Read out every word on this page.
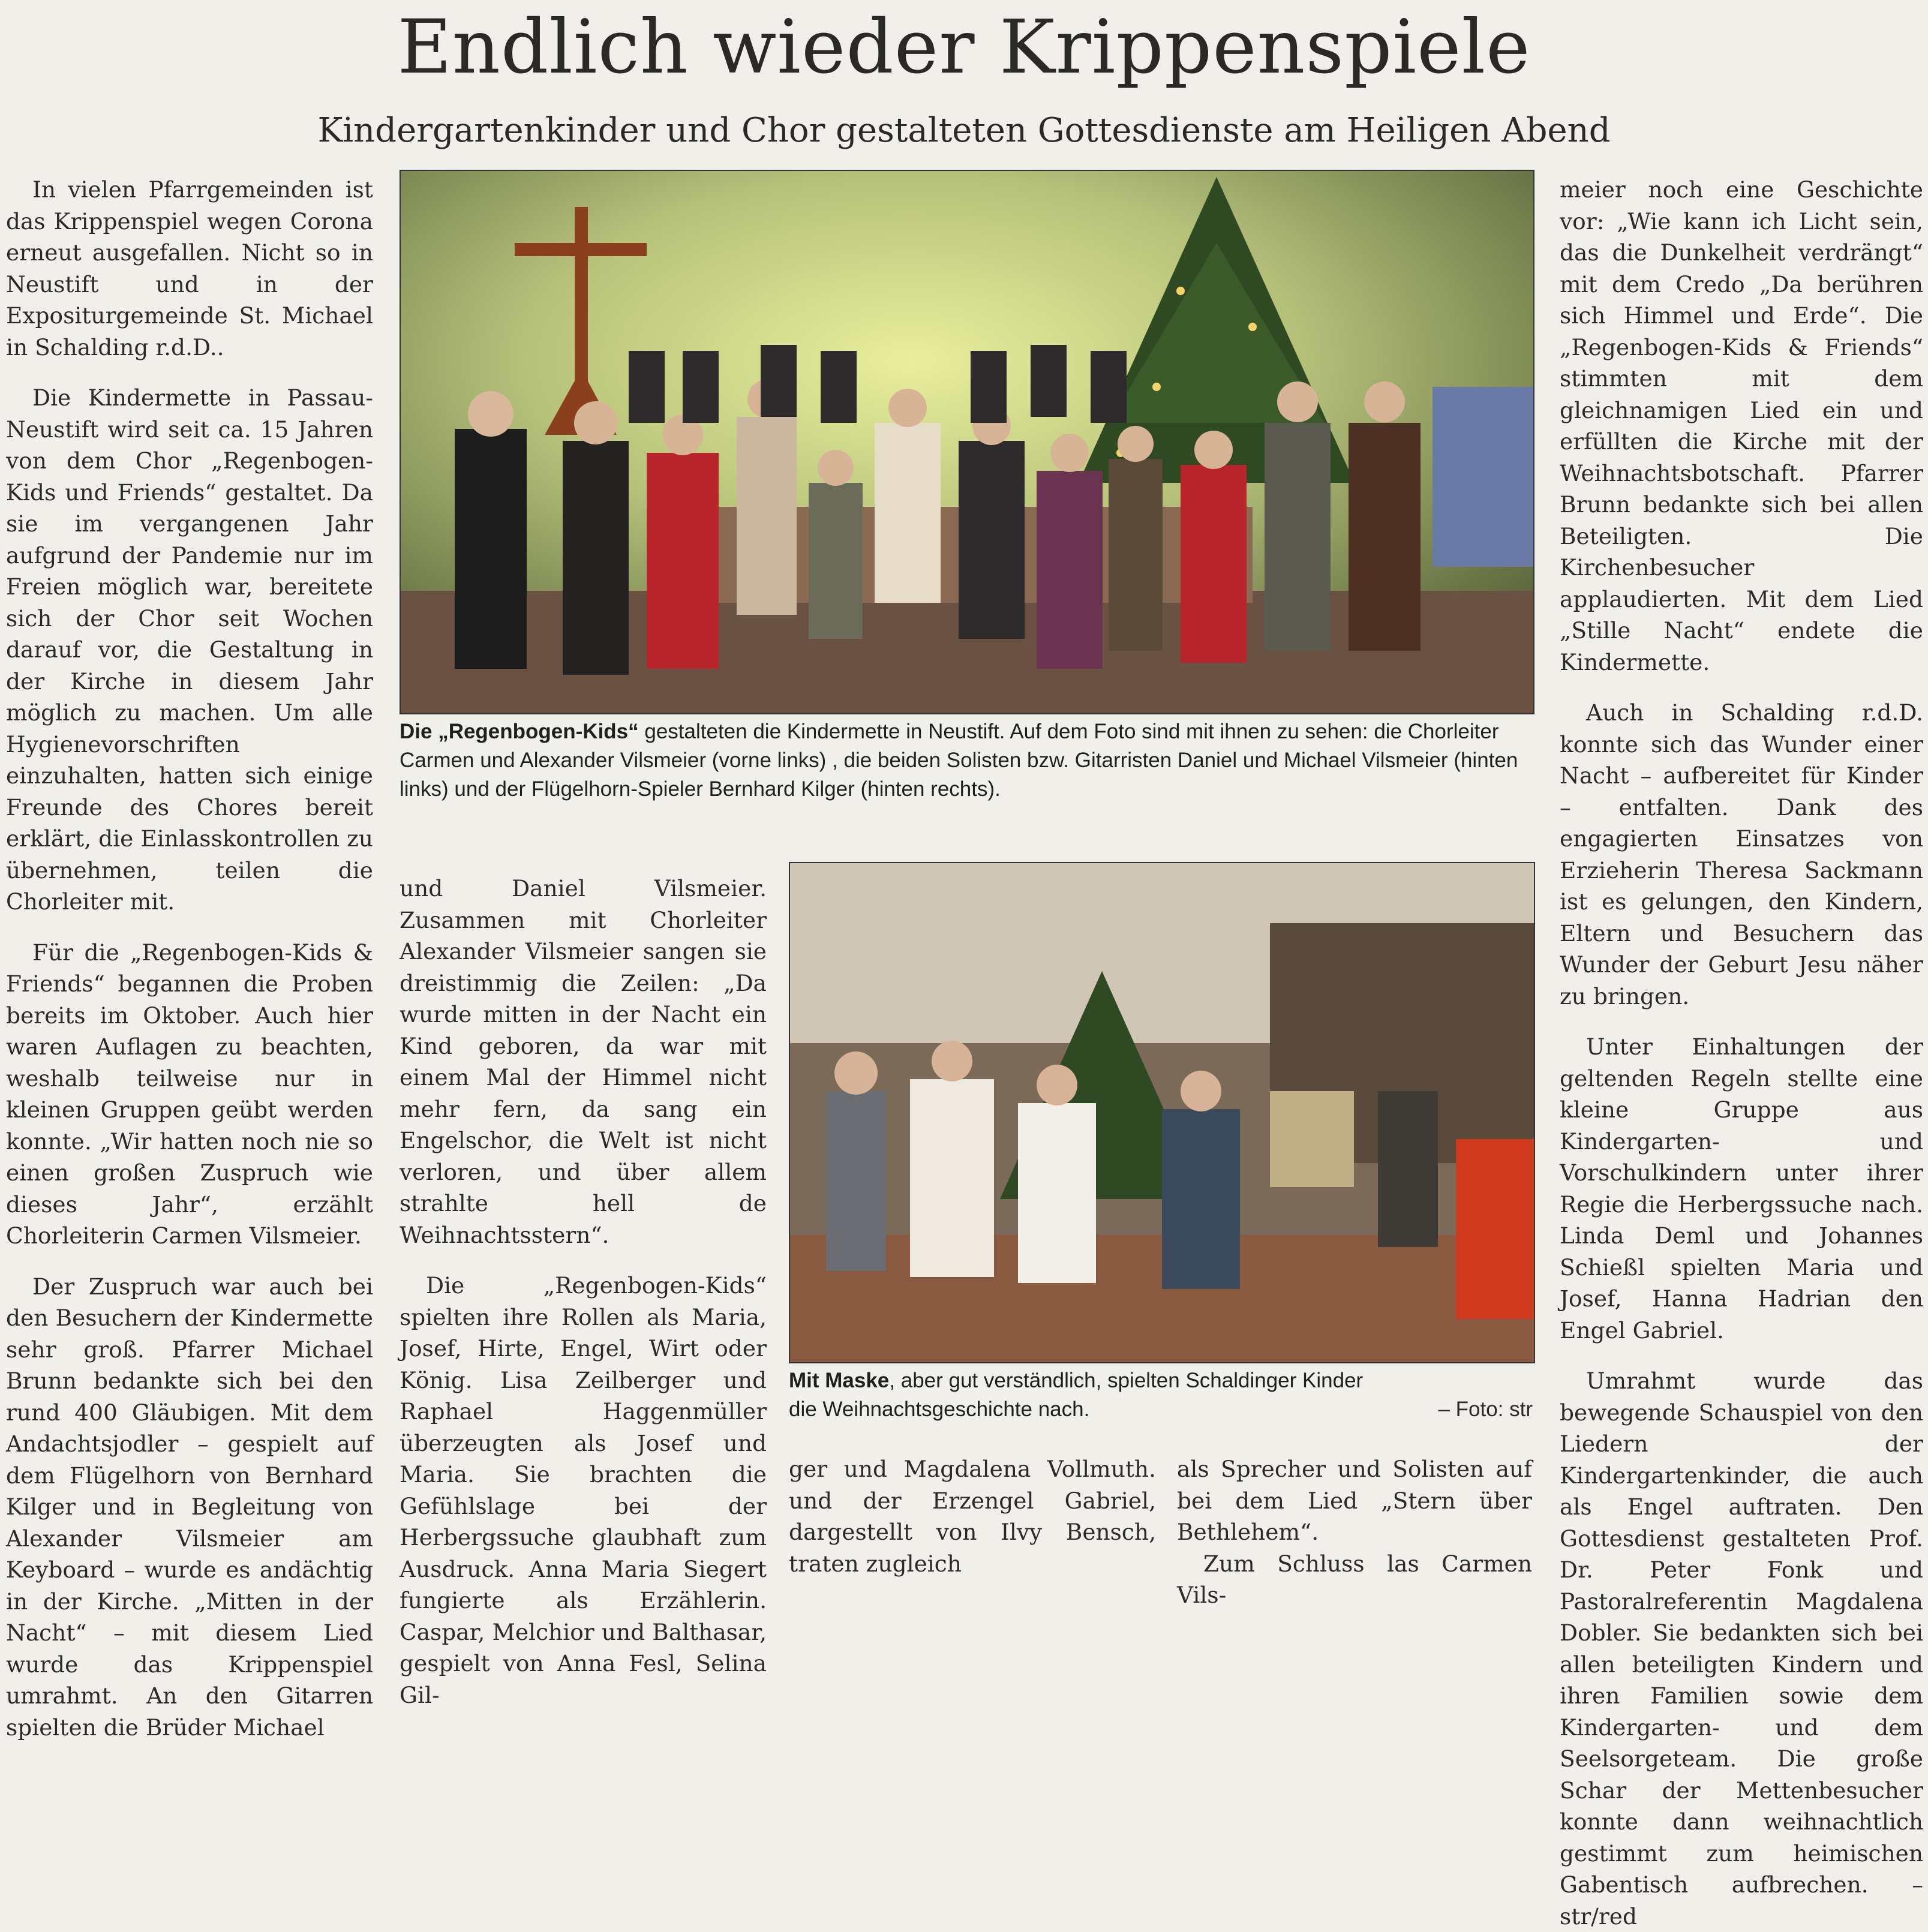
Endlich wieder Krippenspiele
Kindergartenkinder und Chor gestalteten Gottesdienste am Heiligen Abend

In vielen Pfarrgemeinden ist das Krippenspiel wegen Corona erneut ausgefallen. Nicht so in Neustift und in der Expositurgemeinde St. Michael in Schalding r.d.D..

Die Kindermette in Passau-Neustift wird seit ca. 15 Jahren von dem Chor „Regenbogen-Kids und Friends“ gestaltet. Da sie im vergangenen Jahr aufgrund der Pandemie nur im Freien möglich war, bereitete sich der Chor seit Wochen darauf vor, die Gestaltung in der Kirche in diesem Jahr möglich zu machen. Um alle Hygienevorschriften einzuhalten, hatten sich einige Freunde des Chores bereit erklärt, die Einlasskontrollen zu übernehmen, teilen die Chorleiter mit.

Für die „Regenbogen-Kids & Friends“ begannen die Proben bereits im Oktober. Auch hier waren Auflagen zu beachten, weshalb teilweise nur in kleinen Gruppen geübt werden konnte. „Wir hatten noch nie so einen großen Zuspruch wie dieses Jahr“, erzählt Chorleiterin Carmen Vilsmeier.

Der Zuspruch war auch bei den Besuchern der Kindermette sehr groß. Pfarrer Michael Brunn bedankte sich bei den rund 400 Gläubigen. Mit dem Andachtsjodler – gespielt auf dem Flügelhorn von Bernhard Kilger und in Begleitung von Alexander Vilsmeier am Keyboard – wurde es andächtig in der Kirche. „Mitten in der Nacht“ – mit diesem Lied wurde das Krippenspiel umrahmt. An den Gitarren spielten die Brüder Michael

Die „Regenbogen-Kids“ gestalteten die Kindermette in Neustift. Auf dem Foto sind mit ihnen zu sehen: die Chorleiter Carmen und Alexander Vilsmeier (vorne links) , die beiden Solisten bzw. Gitarristen Daniel und Michael Vilsmeier (hinten links) und der Flügelhorn-Spieler Bernhard Kilger (hinten rechts).

meier noch eine Geschichte vor: „Wie kann ich Licht sein, das die Dunkelheit verdrängt“ mit dem Credo „Da berühren sich Himmel und Erde“. Die „Regenbogen-Kids & Friends“ stimmten mit dem gleichnamigen Lied ein und erfüllten die Kirche mit der Weihnachtsbotschaft. Pfarrer Brunn bedankte sich bei allen Beteiligten. Die Kirchenbesucher applaudierten. Mit dem Lied „Stille Nacht“ endete die Kindermette.

Auch in Schalding r.d.D. konnte sich das Wunder einer Nacht – aufbereitet für Kinder – entfalten. Dank des engagierten Einsatzes von Erzieherin Theresa Sackmann ist es gelungen, den Kindern, Eltern und Besuchern das Wunder der Geburt Jesu näher zu bringen.

Unter Einhaltungen der geltenden Regeln stellte eine kleine Gruppe aus Kindergarten- und Vorschulkindern unter ihrer Regie die Herbergssuche nach. Linda Deml und Johannes Schießl spielten Maria und Josef, Hanna Hadrian den Engel Gabriel.

Umrahmt wurde das bewegende Schauspiel von den Liedern der Kindergartenkinder, die auch als Engel auftraten. Den Gottesdienst gestalteten Prof. Dr. Peter Fonk und Pastoralreferentin Magdalena Dobler. Sie bedankten sich bei allen beteiligten Kindern und ihren Familien sowie dem Kindergarten- und dem Seelsorgeteam. Die große Schar der Mettenbesucher konnte dann weihnachtlich gestimmt zum heimischen Gabentisch aufbrechen. – str/red

und Daniel Vilsmeier. Zusammen mit Chorleiter Alexander Vilsmeier sangen sie dreistimmig die Zeilen: „Da wurde mitten in der Nacht ein Kind geboren, da war mit einem Mal der Himmel nicht mehr fern, da sang ein Engelschor, die Welt ist nicht verloren, und über allem strahlte hell de Weihnachtsstern“.

Die „Regenbogen-Kids“ spielten ihre Rollen als Maria, Josef, Hirte, Engel, Wirt oder König. Lisa Zeilberger und Raphael Haggenmüller überzeugten als Josef und Maria. Sie brachten die Gefühlslage bei der Herbergssuche glaubhaft zum Ausdruck. Anna Maria Siegert fungierte als Erzählerin. Caspar, Melchior und Balthasar, gespielt von Anna Fesl, Selina Gil-

Mit Maske, aber gut verständlich, spielten Schaldinger Kinder die Weihnachtsgeschichte nach.	– Foto: str

ger und Magdalena Vollmuth. und der Erzengel Gabriel, dargestellt von Ilvy Bensch, traten zugleich

als Sprecher und Solisten auf bei dem Lied „Stern über Bethlehem“.

Zum Schluss las Carmen Vils-
